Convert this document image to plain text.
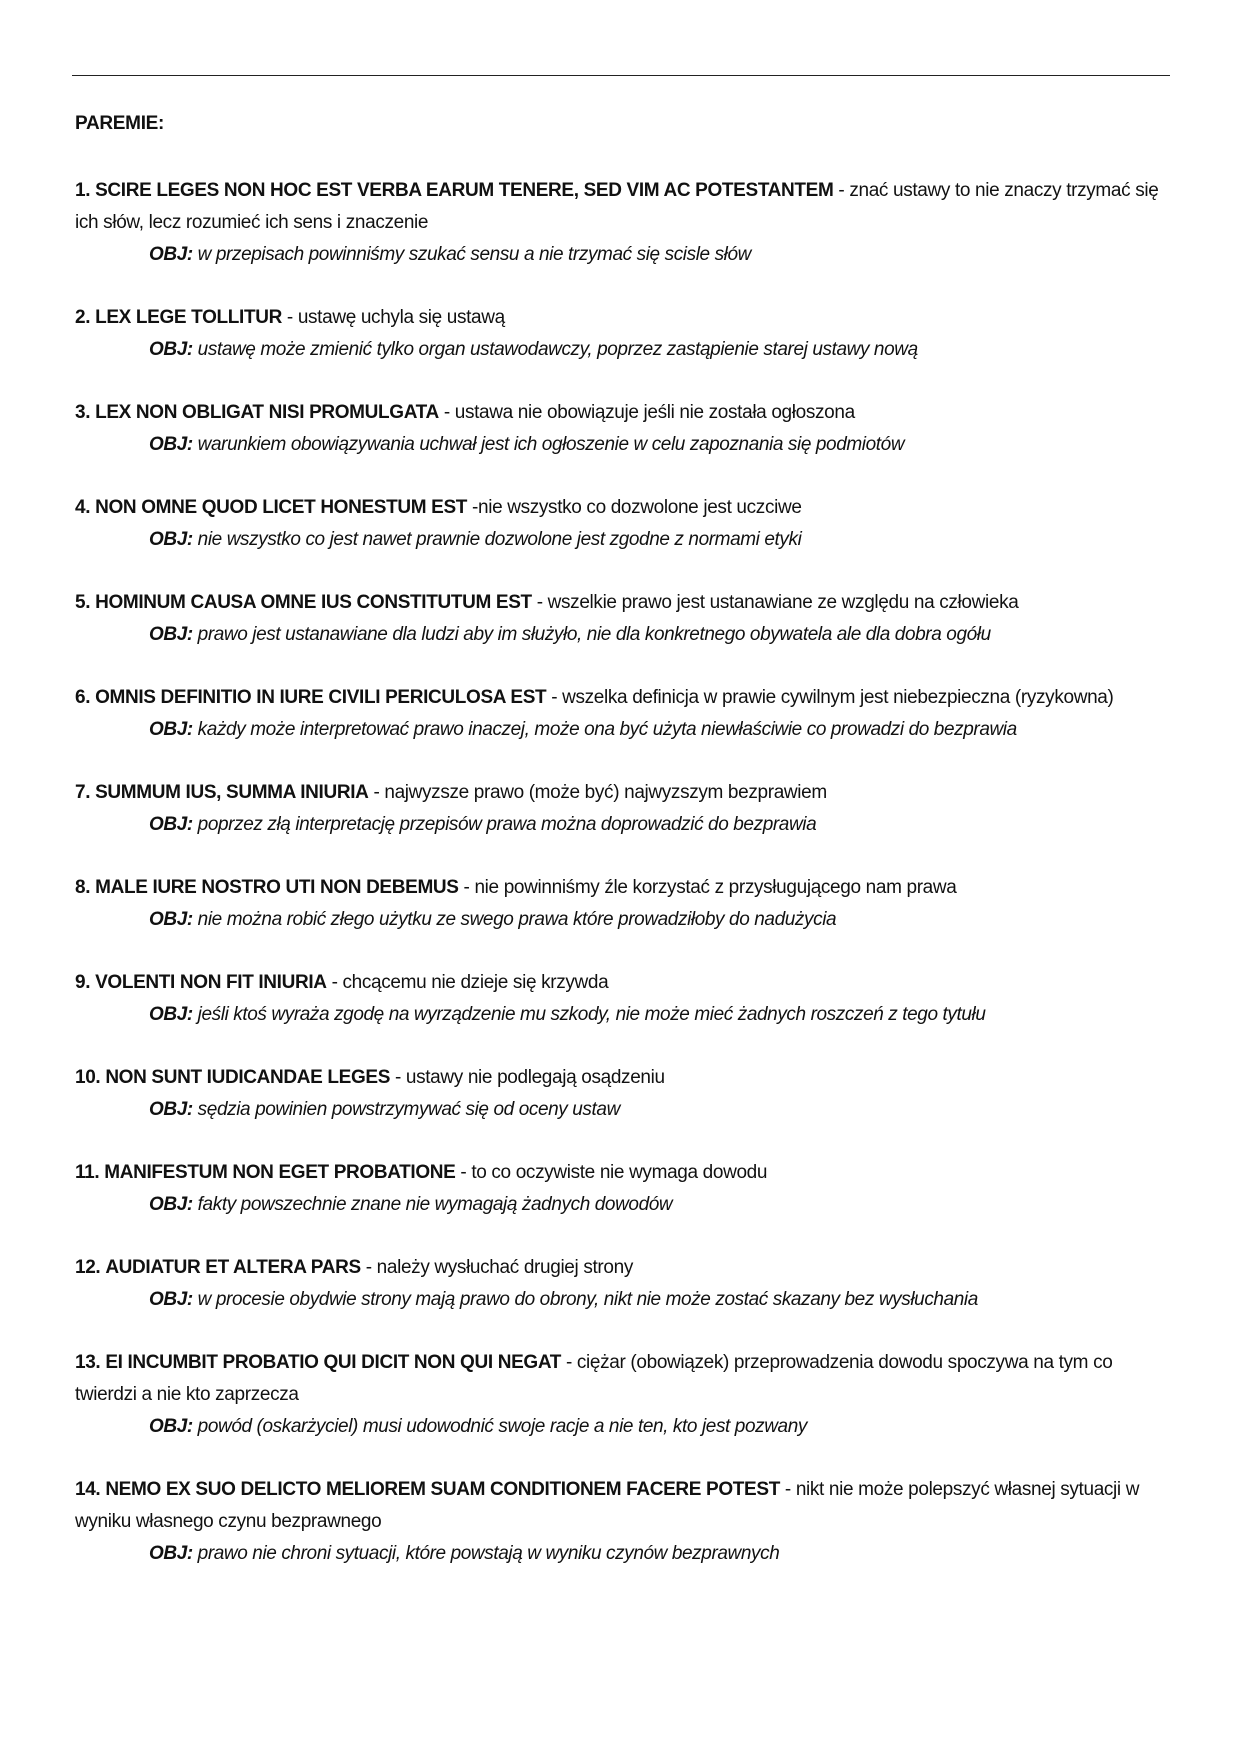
PAREMIE:
1. SCIRE LEGES NON HOC EST VERBA EARUM TENERE, SED VIM AC POTESTANTEM - znać ustawy to nie znaczy trzymać się ich słów, lecz rozumieć ich sens i znaczenie
OBJ: w przepisach powinniśmy szukać sensu a nie trzymać się scisle słów
2. LEX LEGE TOLLITUR - ustawę uchyla się ustawą
OBJ: ustawę może zmienić tylko organ ustawodawczy, poprzez zastąpienie starej ustawy nową
3. LEX NON OBLIGAT NISI PROMULGATA - ustawa nie obowiązuje jeśli nie została ogłoszona
OBJ: warunkiem obowiązywania uchwał jest ich ogłoszenie w celu zapoznania się podmiotów
4. NON OMNE QUOD LICET HONESTUM EST -nie wszystko co dozwolone jest uczciwe
OBJ: nie wszystko co jest nawet prawnie dozwolone jest zgodne z normami etyki
5. HOMINUM CAUSA OMNE IUS CONSTITUTUM EST - wszelkie prawo jest ustanawiane ze względu na człowieka
OBJ: prawo jest ustanawiane dla ludzi aby im służyło, nie dla konkretnego obywatela ale dla dobra ogółu
6. OMNIS DEFINITIO IN IURE CIVILI PERICULOSA EST - wszelka definicja w prawie cywilnym jest niebezpieczna (ryzykowna)
OBJ: każdy może interpretować prawo inaczej, może ona być użyta niewłaściwie co prowadzi do bezprawia
7. SUMMUM IUS, SUMMA INIURIA - najwyzsze prawo (może być) najwyzszym bezprawiem
OBJ: poprzez złą interpretację przepisów prawa można doprowadzić do bezprawia
8. MALE IURE NOSTRO UTI NON DEBEMUS - nie powinniśmy źle korzystać z przysługującego nam prawa
OBJ: nie można robić złego użytku ze swego prawa które prowadziłoby do nadużycia
9. VOLENTI NON FIT INIURIA - chcącemu nie dzieje się krzywda
OBJ: jeśli ktoś wyraża zgodę na wyrządzenie mu szkody, nie może mieć żadnych roszczeń z tego tytułu
10. NON SUNT IUDICANDAE LEGES - ustawy nie podlegają osądzeniu
OBJ: sędzia powinien powstrzymywać się od oceny ustaw
11. MANIFESTUM NON EGET PROBATIONE - to co oczywiste nie wymaga dowodu
OBJ: fakty powszechnie znane nie wymagają żadnych dowodów
12. AUDIATUR ET ALTERA PARS - należy wysłuchać drugiej strony
OBJ: w procesie obydwie strony mają prawo do obrony, nikt nie może zostać skazany bez wysłuchania
13. EI INCUMBIT PROBATIO QUI DICIT NON QUI NEGAT - ciężar (obowiązek) przeprowadzenia dowodu spoczywa na tym co twierdzi a nie kto zaprzecza
OBJ: powód (oskarżyciel) musi udowodnić swoje racje a nie ten, kto jest pozwany
14. NEMO EX SUO DELICTO MELIOREM SUAM CONDITIONEM FACERE POTEST - nikt nie może polepszyć własnej sytuacji w wyniku własnego czynu bezprawnego
OBJ: prawo nie chroni sytuacji, które powstają w wyniku czynów bezprawnych
